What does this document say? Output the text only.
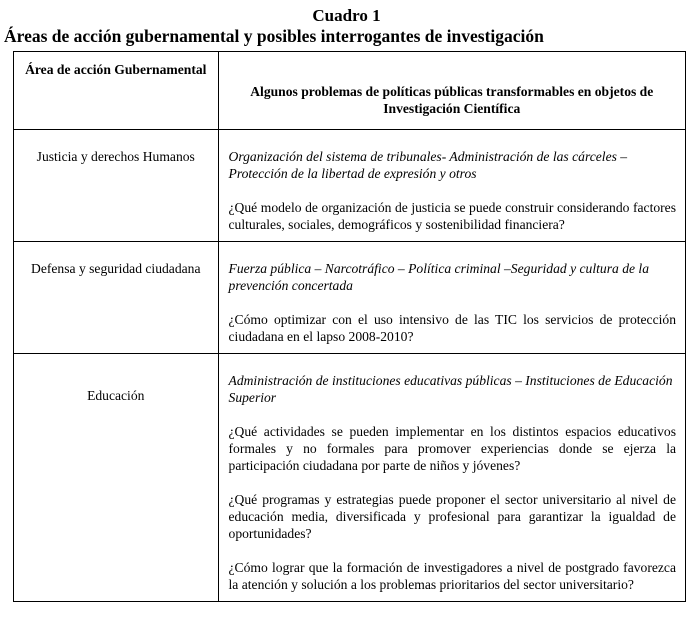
Cuadro 1
Áreas de acción gubernamental y posibles interrogantes de investigación
Área de acción Gubernamental	Algunos problemas de políticas públicas transformables en objetos de Investigación Científica

Justicia y derechos Humanos	Organización del sistema de tribunales- Administración de las cárceles – Protección de la libertad de expresión y otros

¿Qué modelo de organización de justicia se puede construir considerando factores culturales, sociales, demográficos y sostenibilidad financiera?

Defensa y seguridad ciudadana	Fuerza pública – Narcotráfico – Política criminal –Seguridad y cultura de la prevención concertada

¿Cómo optimizar con el uso intensivo de las TIC los servicios de protección ciudadana en el lapso 2008-2010?

Educación	Administración de instituciones educativas públicas – Instituciones de Educación Superior

¿Qué actividades se pueden implementar en los distintos espacios educativos formales y no formales para promover experiencias donde se ejerza la participación ciudadana por parte de niños y jóvenes?

¿Qué programas y estrategias puede proponer el sector universitario al nivel de educación media, diversificada y profesional para garantizar la igualdad de oportunidades?

¿Cómo lograr que la formación de investigadores a nivel de postgrado favorezca la atención y solución a los problemas prioritarios del sector universitario?
